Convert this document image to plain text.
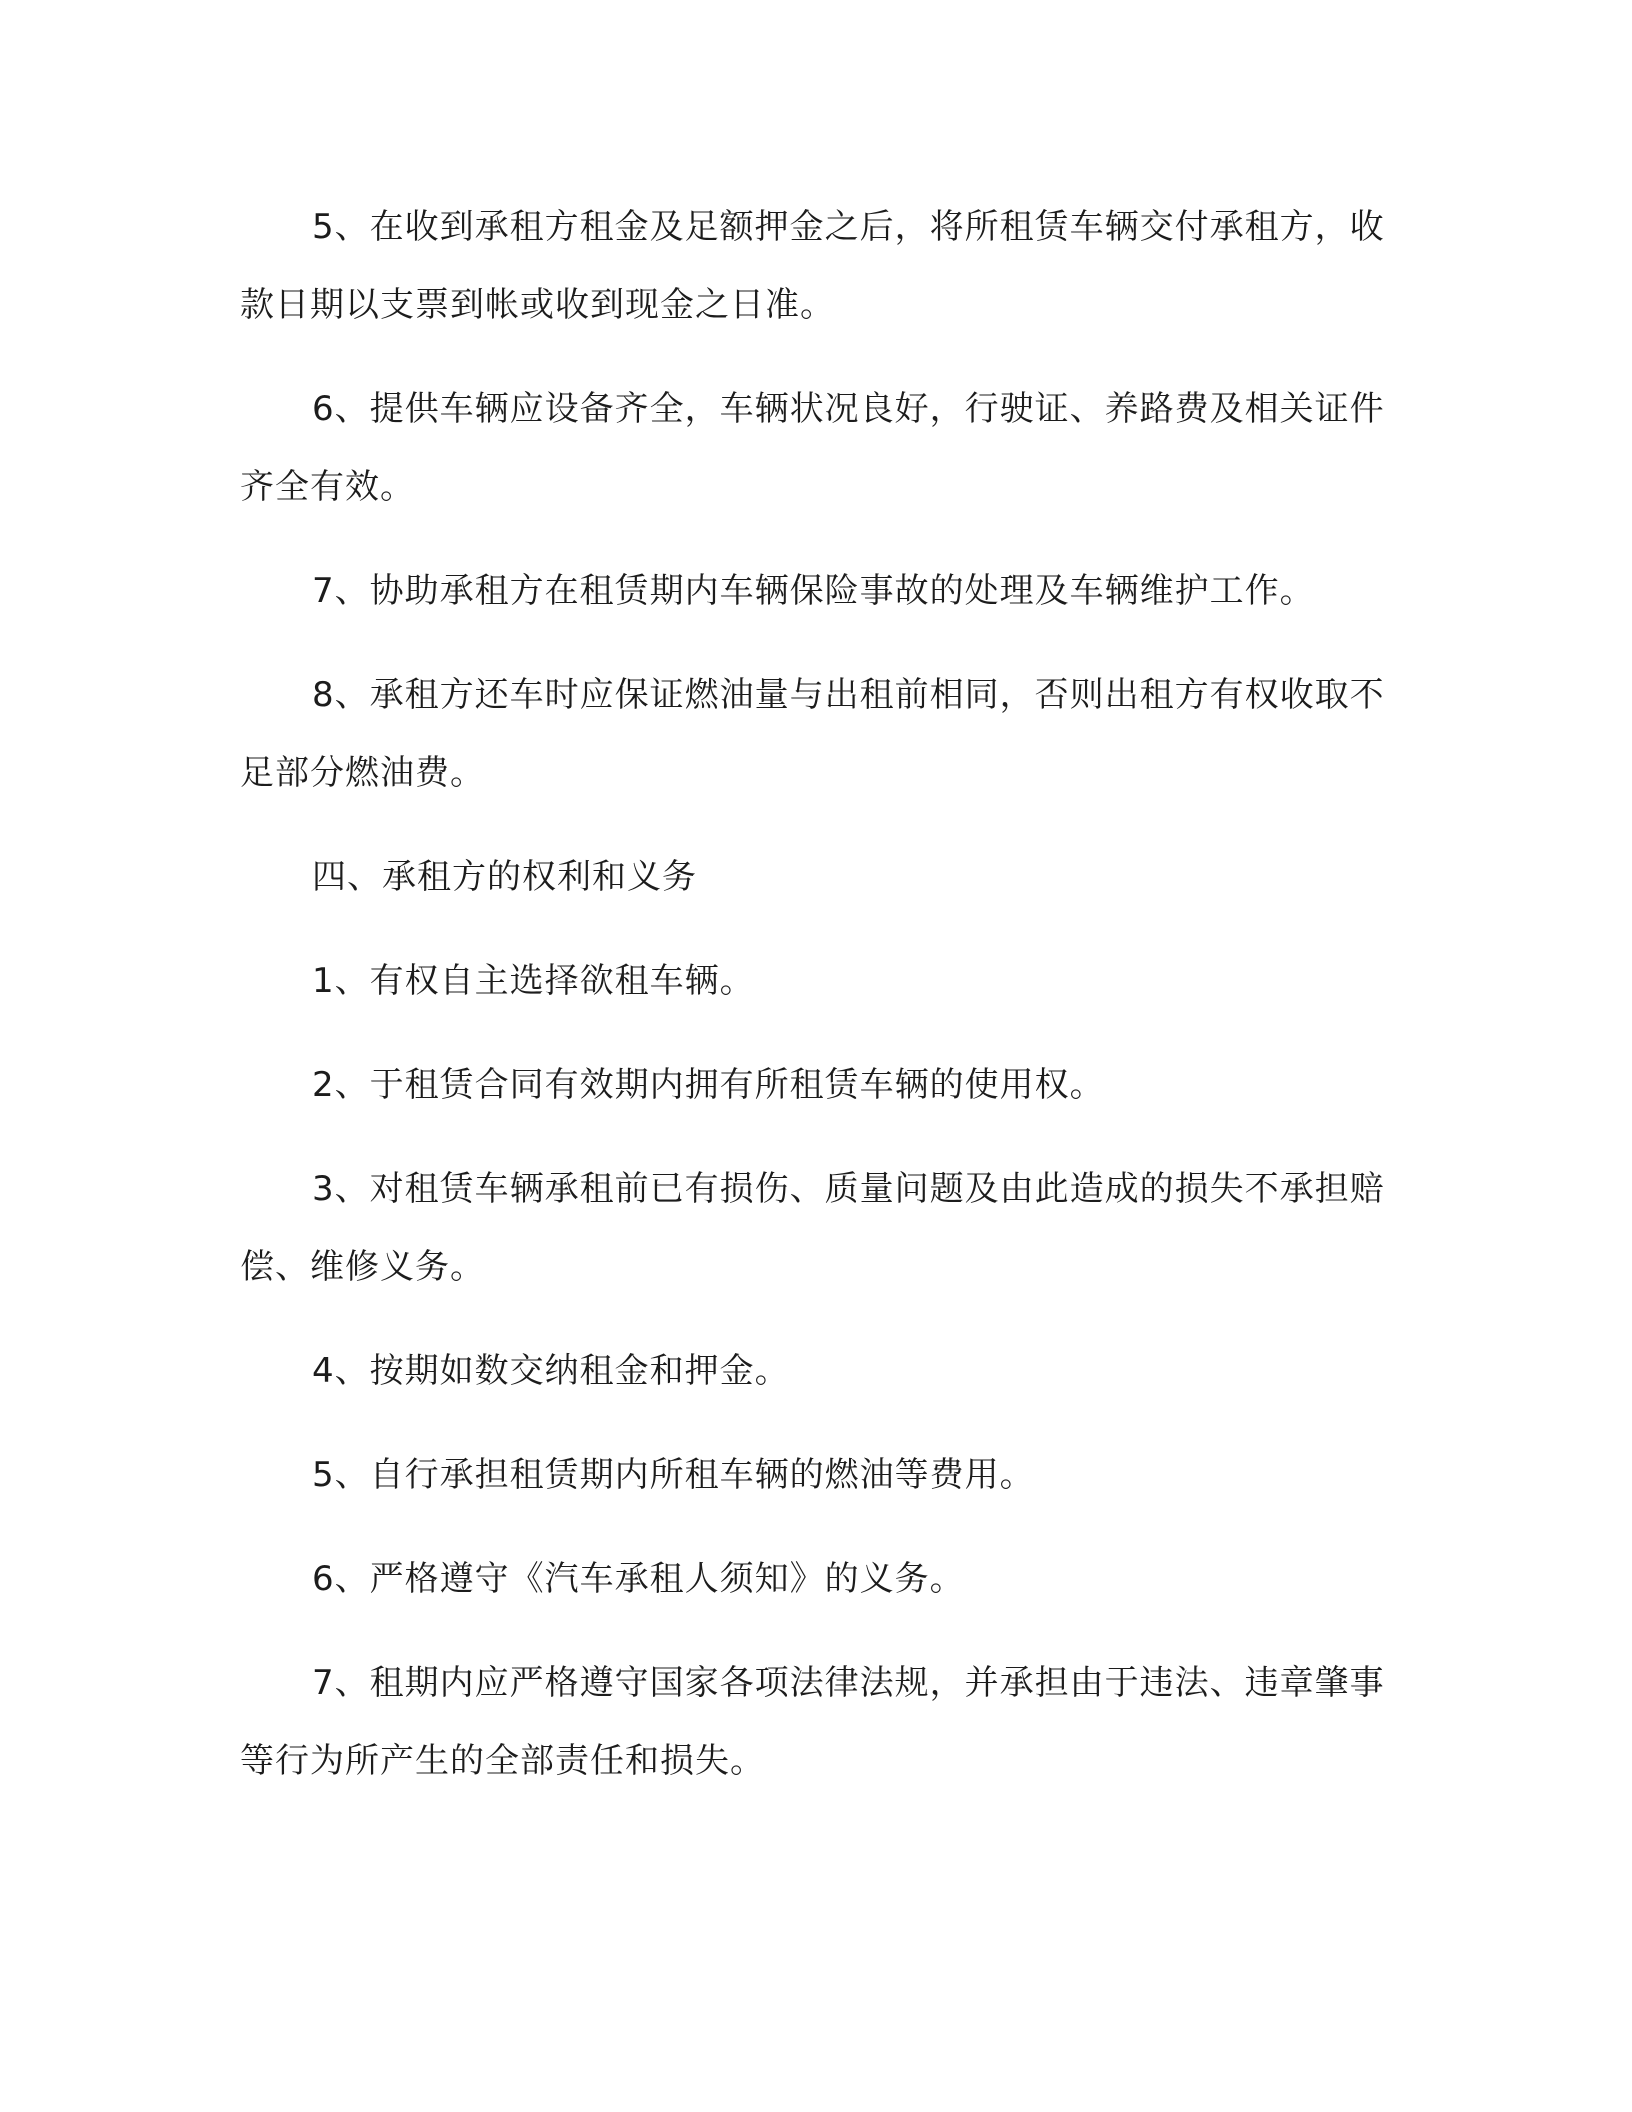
5、在收到承租方租金及足额押金之后，将所租赁车辆交付承租方，收款日期以支票到帐或收到现金之日准。

6、提供车辆应设备齐全，车辆状况良好，行驶证、养路费及相关证件齐全有效。

7、协助承租方在租赁期内车辆保险事故的处理及车辆维护工作。

8、承租方还车时应保证燃油量与出租前相同，否则出租方有权收取不足部分燃油费。

四、承租方的权利和义务

1、有权自主选择欲租车辆。

2、于租赁合同有效期内拥有所租赁车辆的使用权。

3、对租赁车辆承租前已有损伤、质量问题及由此造成的损失不承担赔偿、维修义务。

4、按期如数交纳租金和押金。

5、自行承担租赁期内所租车辆的燃油等费用。

6、严格遵守《汽车承租人须知》的义务。

7、租期内应严格遵守国家各项法律法规，并承担由于违法、违章肇事等行为所产生的全部责任和损失。
